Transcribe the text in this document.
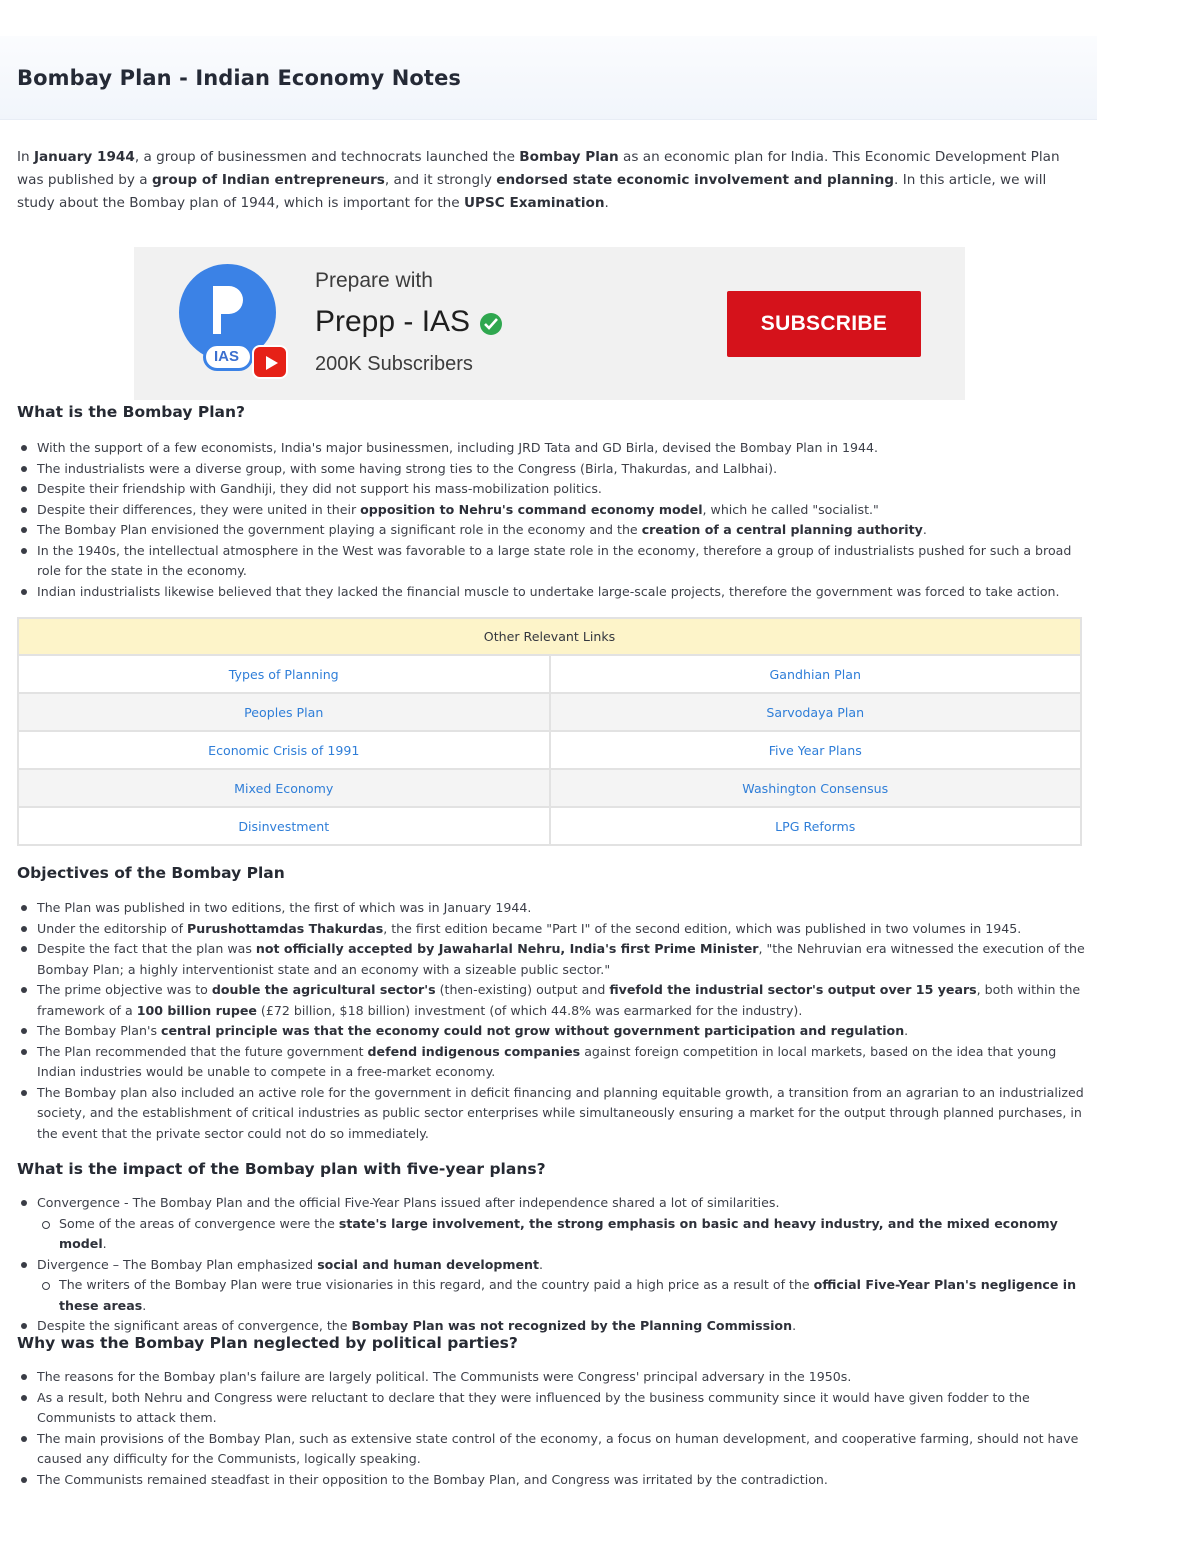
Bombay Plan - Indian Economy Notes

In January 1944, a group of businessmen and technocrats launched the Bombay Plan as an economic plan for India. This Economic Development Plan was published by a group of Indian entrepreneurs, and it strongly endorsed state economic involvement and planning. In this article, we will study about the Bombay plan of 1944, which is important for the UPSC Examination.

IAS
Prepare with
Prepp - IAS
200K Subscribers
SUBSCRIBE
What is the Bombay Plan?
With the support of a few economists, India's major businessmen, including JRD Tata and GD Birla, devised the Bombay Plan in 1944.
The industrialists were a diverse group, with some having strong ties to the Congress (Birla, Thakurdas, and Lalbhai).
Despite their friendship with Gandhiji, they did not support his mass-mobilization politics.
Despite their differences, they were united in their opposition to Nehru's command economy model, which he called "socialist."
The Bombay Plan envisioned the government playing a significant role in the economy and the creation of a central planning authority.
In the 1940s, the intellectual atmosphere in the West was favorable to a large state role in the economy, therefore a group of industrialists pushed for such a broad role for the state in the economy.
Indian industrialists likewise believed that they lacked the financial muscle to undertake large-scale projects, therefore the government was forced to take action.
Other Relevant Links	
Types of Planning	Gandhian Plan
Peoples Plan	Sarvodaya Plan
Economic Crisis of 1991	Five Year Plans
Mixed Economy	Washington Consensus
Disinvestment	LPG Reforms
Objectives of the Bombay Plan
The Plan was published in two editions, the first of which was in January 1944.
Under the editorship of Purushottamdas Thakurdas, the first edition became "Part I" of the second edition, which was published in two volumes in 1945.
Despite the fact that the plan was not officially accepted by Jawaharlal Nehru, India's first Prime Minister, "the Nehruvian era witnessed the execution of the Bombay Plan; a highly interventionist state and an economy with a sizeable public sector."
The prime objective was to double the agricultural sector's (then-existing) output and fivefold the industrial sector's output over 15 years, both within the framework of a 100 billion rupee (£72 billion, $18 billion) investment (of which 44.8% was earmarked for the industry).
The Bombay Plan's central principle was that the economy could not grow without government participation and regulation.
The Plan recommended that the future government defend indigenous companies against foreign competition in local markets, based on the idea that young Indian industries would be unable to compete in a free-market economy.
The Bombay plan also included an active role for the government in deficit financing and planning equitable growth, a transition from an agrarian to an industrialized society, and the establishment of critical industries as public sector enterprises while simultaneously ensuring a market for the output through planned purchases, in the event that the private sector could not do so immediately.
What is the impact of the Bombay plan with five-year plans?
Convergence - The Bombay Plan and the official Five-Year Plans issued after independence shared a lot of similarities.
Some of the areas of convergence were the state's large involvement, the strong emphasis on basic and heavy industry, and the mixed economy model.
Divergence – The Bombay Plan emphasized social and human development.
The writers of the Bombay Plan were true visionaries in this regard, and the country paid a high price as a result of the official Five-Year Plan's negligence in these areas.
Despite the significant areas of convergence, the Bombay Plan was not recognized by the Planning Commission.
Why was the Bombay Plan neglected by political parties?
The reasons for the Bombay plan's failure are largely political. The Communists were Congress' principal adversary in the 1950s.
As a result, both Nehru and Congress were reluctant to declare that they were influenced by the business community since it would have given fodder to the Communists to attack them.
The main provisions of the Bombay Plan, such as extensive state control of the economy, a focus on human development, and cooperative farming, should not have caused any difficulty for the Communists, logically speaking.
The Communists remained steadfast in their opposition to the Bombay Plan, and Congress was irritated by the contradiction.
